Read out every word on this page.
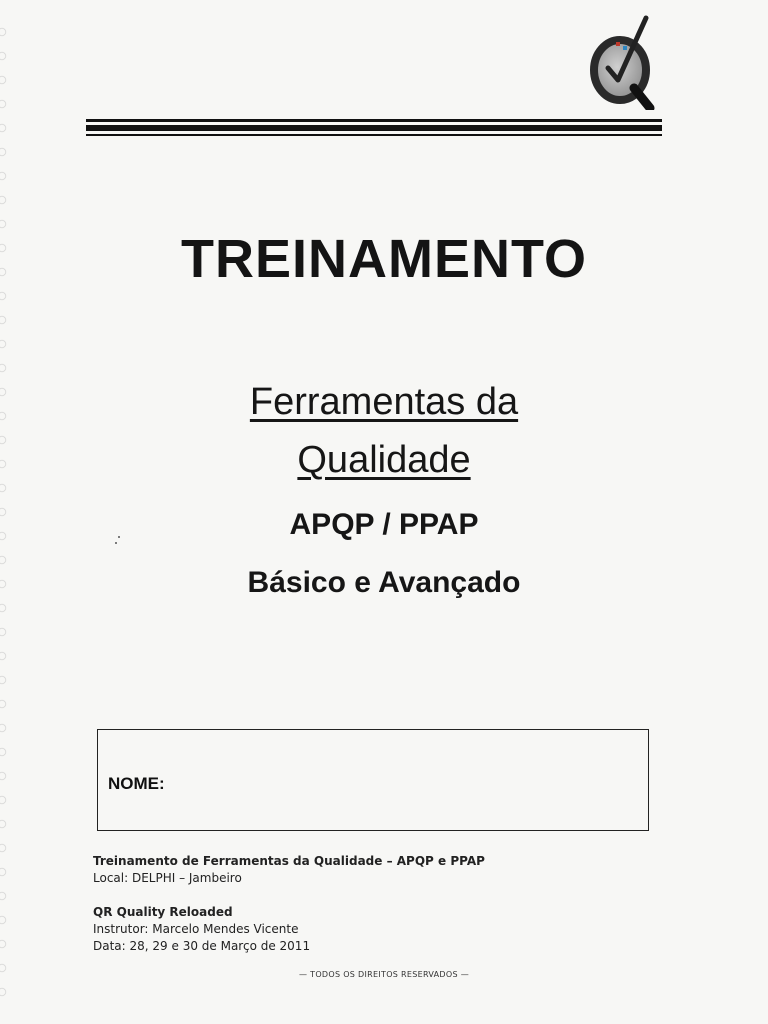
TREINAMENTO
Ferramentas da
Qualidade
APQP / PPAP
Básico e Avançado
NOME:
Treinamento de Ferramentas da Qualidade – APQP e PPAP
Local: DELPHI – Jambeiro
QR Quality Reloaded
Instrutor: Marcelo Mendes Vicente
Data: 28, 29 e 30 de Março de 2011
— TODOS OS DIREITOS RESERVADOS —
